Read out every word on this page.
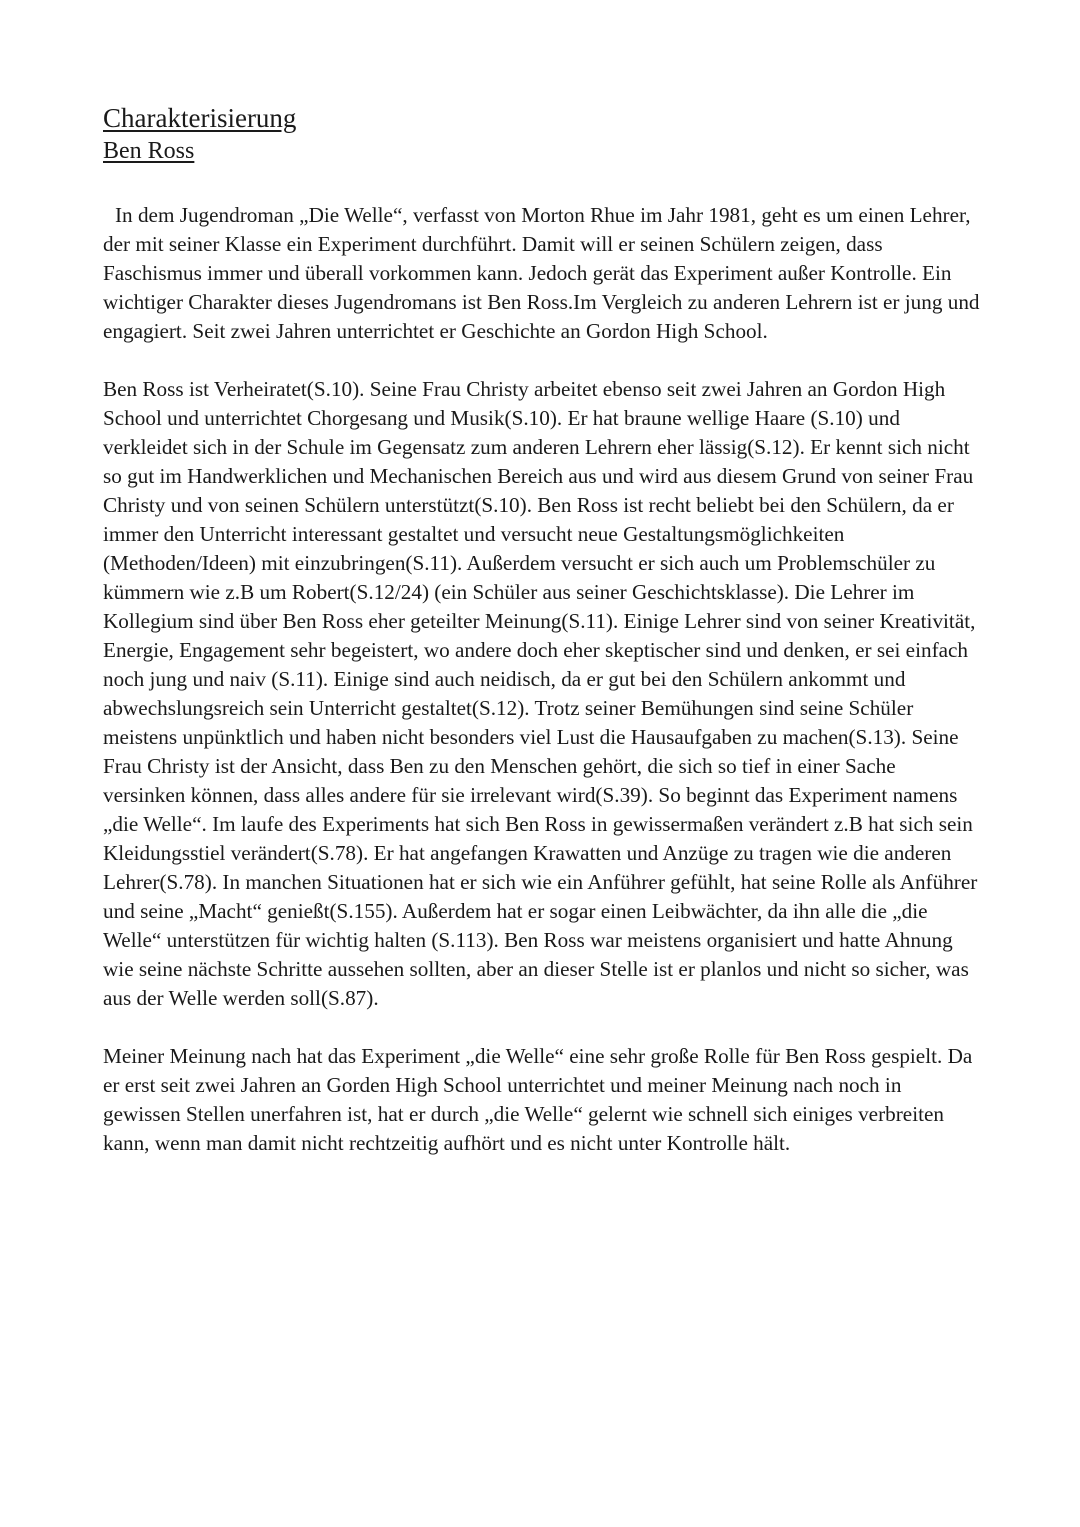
Charakterisierung
Ben Ross

In dem Jugendroman „Die Welle“, verfasst von Morton Rhue im Jahr 1981, geht es um einen Lehrer, der mit seiner Klasse ein Experiment durchführt. Damit will er seinen Schülern zeigen, dass Faschismus immer und überall vorkommen kann. Jedoch gerät das Experiment außer Kontrolle. Ein wichtiger Charakter dieses Jugendromans ist Ben Ross.Im Vergleich zu anderen Lehrern ist er jung und engagiert. Seit zwei Jahren unterrichtet er Geschichte an Gordon High School.

Ben Ross ist Verheiratet(S.10). Seine Frau Christy arbeitet ebenso seit zwei Jahren an Gordon High School und unterrichtet Chorgesang und Musik(S.10). Er hat braune wellige Haare (S.10) und verkleidet sich in der Schule im Gegensatz zum anderen Lehrern eher lässig(S.12). Er kennt sich nicht so gut im Handwerklichen und Mechanischen Bereich aus und wird aus diesem Grund von seiner Frau Christy und von seinen Schülern unterstützt(S.10). Ben Ross ist recht beliebt bei den Schülern, da er immer den Unterricht interessant gestaltet und versucht neue Gestaltungsmöglichkeiten (Methoden/Ideen) mit einzubringen(S.11). Außerdem versucht er sich auch um Problemschüler zu kümmern wie z.B um Robert(S.12/24) (ein Schüler aus seiner Geschichtsklasse). Die Lehrer im Kollegium sind über Ben Ross eher geteilter Meinung(S.11). Einige Lehrer sind von seiner Kreativität, Energie, Engagement sehr begeistert, wo andere doch eher skeptischer sind und denken, er sei einfach noch jung und naiv (S.11). Einige sind auch neidisch, da er gut bei den Schülern ankommt und abwechslungsreich sein Unterricht gestaltet(S.12). Trotz seiner Bemühungen sind seine Schüler meistens unpünktlich und haben nicht besonders viel Lust die Hausaufgaben zu machen(S.13). Seine Frau Christy ist der Ansicht, dass Ben zu den Menschen gehört, die sich so tief in einer Sache versinken können, dass alles andere für sie irrelevant wird(S.39). So beginnt das Experiment namens „die Welle“. Im laufe des Experiments hat sich Ben Ross in gewissermaßen verändert z.B hat sich sein Kleidungsstiel verändert(S.78). Er hat angefangen Krawatten und Anzüge zu tragen wie die anderen Lehrer(S.78). In manchen Situationen hat er sich wie ein Anführer gefühlt, hat seine Rolle als Anführer und seine „Macht“ genießt(S.155). Außerdem hat er sogar einen Leibwächter, da ihn alle die „die Welle“ unterstützen für wichtig halten (S.113). Ben Ross war meistens organisiert und hatte Ahnung wie seine nächste Schritte aussehen sollten, aber an dieser Stelle ist er planlos und nicht so sicher, was aus der Welle werden soll(S.87).

Meiner Meinung nach hat das Experiment „die Welle“ eine sehr große Rolle für Ben Ross gespielt. Da er erst seit zwei Jahren an Gorden High School unterrichtet und meiner Meinung nach noch in gewissen Stellen unerfahren ist, hat er durch „die Welle“ gelernt wie schnell sich einiges verbreiten kann, wenn man damit nicht rechtzeitig aufhört und es nicht unter Kontrolle hält.
